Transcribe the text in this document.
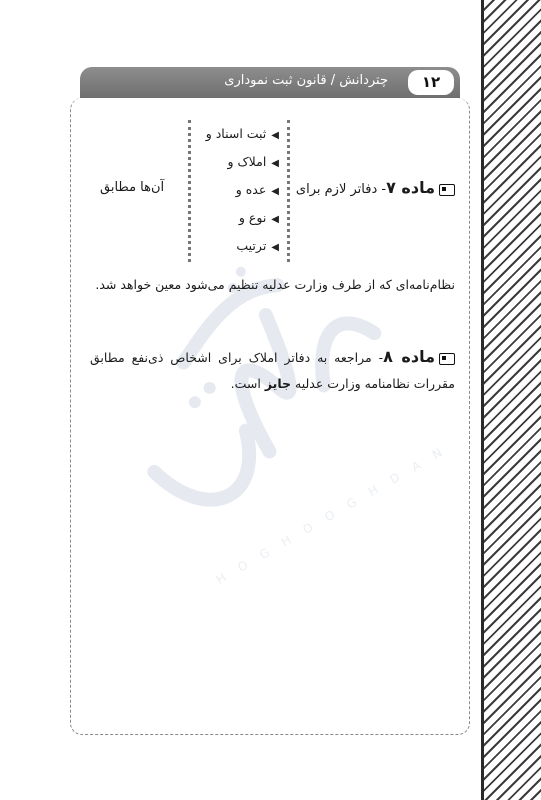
چتردانش / قانون ثبت نموداری	۱۲
H O G H O O G H D A N
◀ثبت اسناد و
◀املاک و
◀عده و
◀نوع و
◀ترتیب
ماده ۷- دفاتر لازم برای
آن‌ها مطابق
نظام‌نامه‌ای که از طرف وزارت عدلیه تنظیم می‌شود معین خواهد شد.
ماده ۸- مراجعه به دفاتر املاک برای اشخاص ذی‌نفع مطابق مقررات نظامنامه وزارت عدلیه جایز است.
